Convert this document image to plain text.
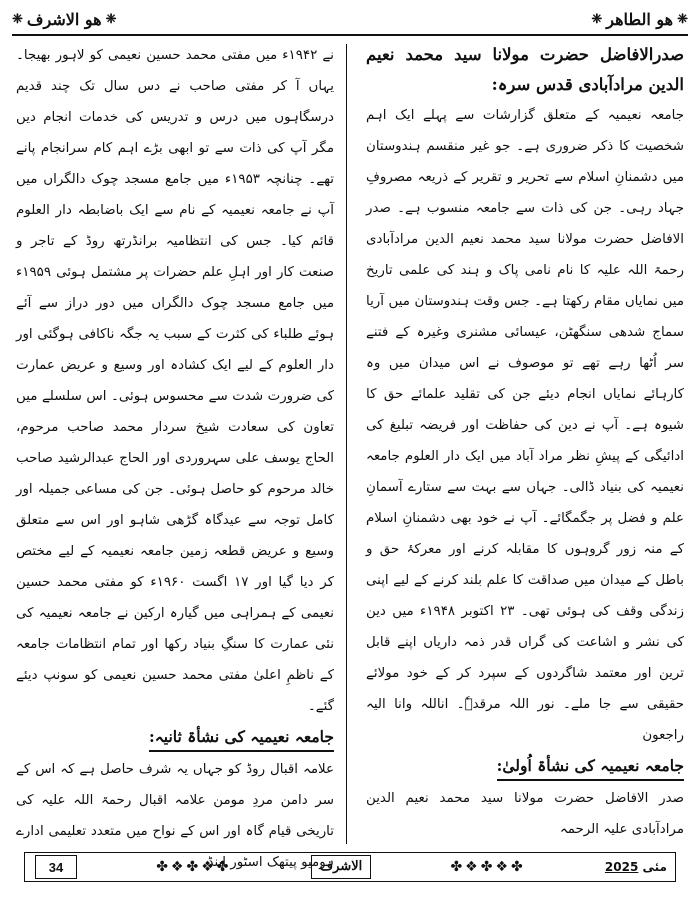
❈ هو الاشرف ❈	❈ هو الطاهر ❈

صدرالافاضل حضرت مولانا سید محمد نعیم الدین مرادآبادی قدس سرہ:

جامعہ نعیمیہ کے متعلق گزارشات سے پہلے ایک اہم شخصیت کا ذکر ضروری ہے۔ جو غیر منقسم ہندوستان میں دشمنانِ اسلام سے تحریر و تقریر کے ذریعہ مصروفِ جہاد رہی۔ جن کی ذات سے جامعہ منسوب ہے۔ صدر الافاضل حضرت مولانا سید محمد نعیم الدین مرادآبادی رحمۃ اللہ علیہ کا نام نامی پاک و ہند کی علمی تاریخ میں نمایاں مقام رکھتا ہے۔ جس وقت ہندوستان میں آریا سماج شدھی سنگھٹن، عیسائی مشنری وغیرہ کے فتنے سر اُٹھا رہے تھے تو موصوف نے اس میدان میں وہ کارہائے نمایاں انجام دیئے جن کی تقلید علمائے حق کا شیوہ ہے۔ آپ نے دین کی حفاظت اور فریضہ تبلیغ کی ادائیگی کے پیشِ نظر مراد آباد میں ایک دار العلوم جامعہ نعیمیہ کی بنیاد ڈالی۔ جہاں سے بہت سے ستارے آسمانِ علم و فضل پر جگمگائے۔ آپ نے خود بھی دشمنانِ اسلام کے منہ زور گروہوں کا مقابلہ کرنے اور معرکۂ حق و باطل کے میدان میں صداقت کا علم بلند کرنے کے لیے اپنی زندگی وقف کی ہوئی تھی۔ ۲۳ اکتوبر ۱۹۴۸ء میں دین کی نشر و اشاعت کی گراں قدر ذمہ داریاں اپنے قابل ترین اور معتمد شاگردوں کے سپرد کر کے خود مولائے حقیقی سے جا ملے۔ نور اللہ مرقدہٗ۔ اناللہ وانا الیہ راجعون

جامعہ نعیمیہ کی نشأۃ اُولیٰ:

صدر الافاضل حضرت مولانا سید محمد نعیم الدین مرادآبادی علیہ الرحمہ

نے ۱۹۴۲ء میں مفتی محمد حسین نعیمی کو لاہور بھیجا۔ یہاں آ کر مفتی صاحب نے دس سال تک چند قدیم درسگاہوں میں درس و تدریس کی خدمات انجام دیں مگر آپ کی ذات سے تو ابھی بڑے اہم کام سرانجام پانے تھے۔ چنانچہ ۱۹۵۳ء میں جامع مسجد چوک دالگراں میں آپ نے جامعہ نعیمیہ کے نام سے ایک باضابطہ دار العلوم قائم کیا۔ جس کی انتظامیہ برانڈرتھ روڈ کے تاجر و صنعت کار اور اہلِ علم حضرات پر مشتمل ہوئی ۱۹۵۹ء میں جامع مسجد چوک دالگراں میں دور دراز سے آئے ہوئے طلباء کی کثرت کے سبب یہ جگہ ناکافی ہوگئی اور دار العلوم کے لیے ایک کشادہ اور وسیع و عریض عمارت کی ضرورت شدت سے محسوس ہوئی۔ اس سلسلے میں تعاون کی سعادت شیخ سردار محمد صاحب مرحوم، الحاج یوسف علی سہروردی اور الحاج عبدالرشید صاحب خالد مرحوم کو حاصل ہوئی۔ جن کی مساعی جمیلہ اور کامل توجہ سے عیدگاہ گڑھی شاہو اور اس سے متعلق وسیع و عریض قطعہ زمین جامعہ نعیمیہ کے لیے مختص کر دیا گیا اور ۱۷ اگست ۱۹۶۰ء کو مفتی محمد حسین نعیمی کے ہمراہی میں گیارہ ارکین نے جامعہ نعیمیہ کی نئی عمارت کا سنگِ بنیاد رکھا اور تمام انتظامات جامعہ کے ناظمِ اعلیٰ مفتی محمد حسین نعیمی کو سونپ دیئے گئے۔

جامعہ نعیمیہ کی نشأۃ ثانیہ:

علامہ اقبال روڈ کو جہاں یہ شرف حاصل ہے کہ اس کے سر دامن مردِ مومن علامہ اقبال رحمۃ اللہ علیہ کی تاریخی قیام گاہ اور اس کے نواح میں متعدد تعلیمی ادارے ہومیو پیتھک اسٹور اینڈ

34	✤❖✤❖✤	الاشرف	✤❖✤❖✤	2025 مئی
